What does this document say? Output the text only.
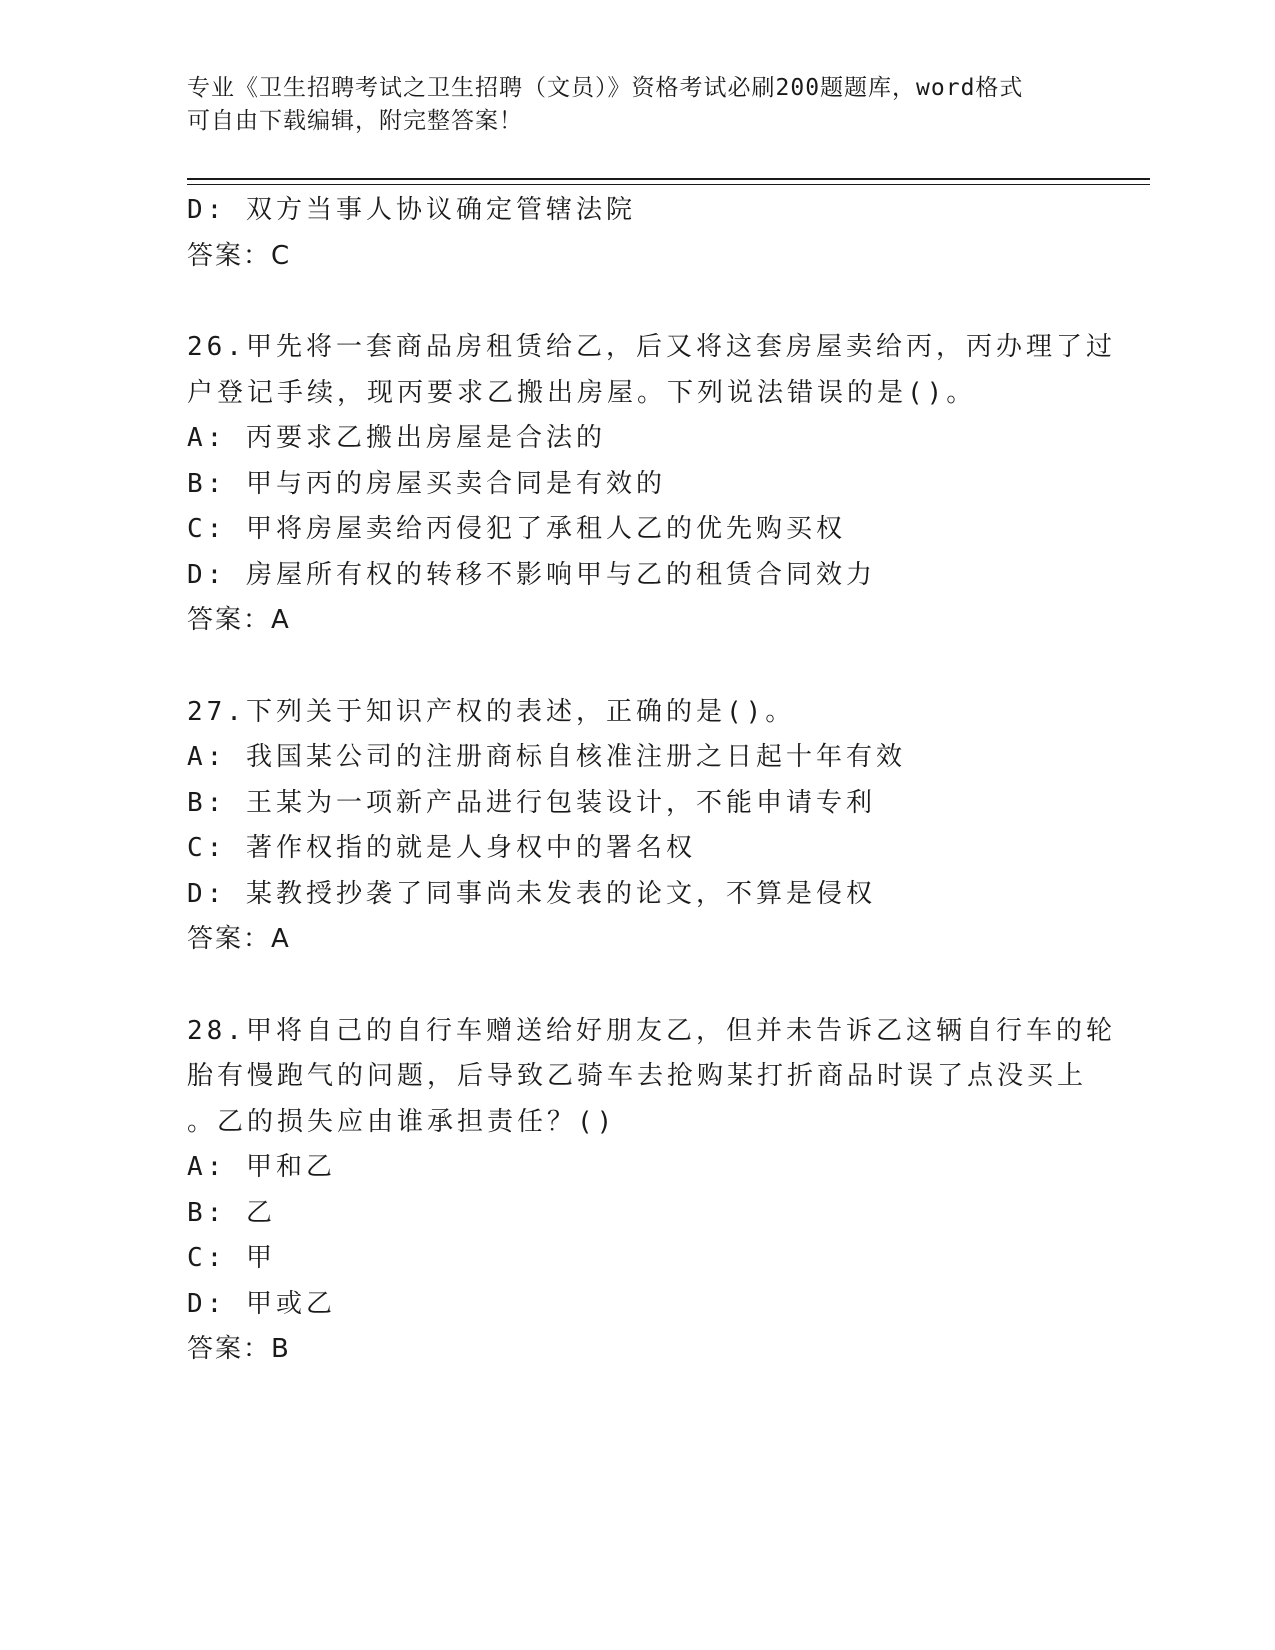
专业《卫生招聘考试之卫生招聘（文员）》资格考试必刷200题题库，word格式
可自由下载编辑，附完整答案！
D: 双方当事人协议确定管辖法院
答案：C
26.甲先将一套商品房租赁给乙，后又将这套房屋卖给丙，丙办理了过
户登记手续，现丙要求乙搬出房屋。下列说法错误的是()。
A: 丙要求乙搬出房屋是合法的
B: 甲与丙的房屋买卖合同是有效的
C: 甲将房屋卖给丙侵犯了承租人乙的优先购买权
D: 房屋所有权的转移不影响甲与乙的租赁合同效力
答案：A
27.下列关于知识产权的表述，正确的是()。
A: 我国某公司的注册商标自核准注册之日起十年有效
B: 王某为一项新产品进行包装设计，不能申请专利
C: 著作权指的就是人身权中的署名权
D: 某教授抄袭了同事尚未发表的论文，不算是侵权
答案：A
28.甲将自己的自行车赠送给好朋友乙，但并未告诉乙这辆自行车的轮
胎有慢跑气的问题，后导致乙骑车去抢购某打折商品时误了点没买上
。乙的损失应由谁承担责任？()
A: 甲和乙
B: 乙
C: 甲
D: 甲或乙
答案：B
